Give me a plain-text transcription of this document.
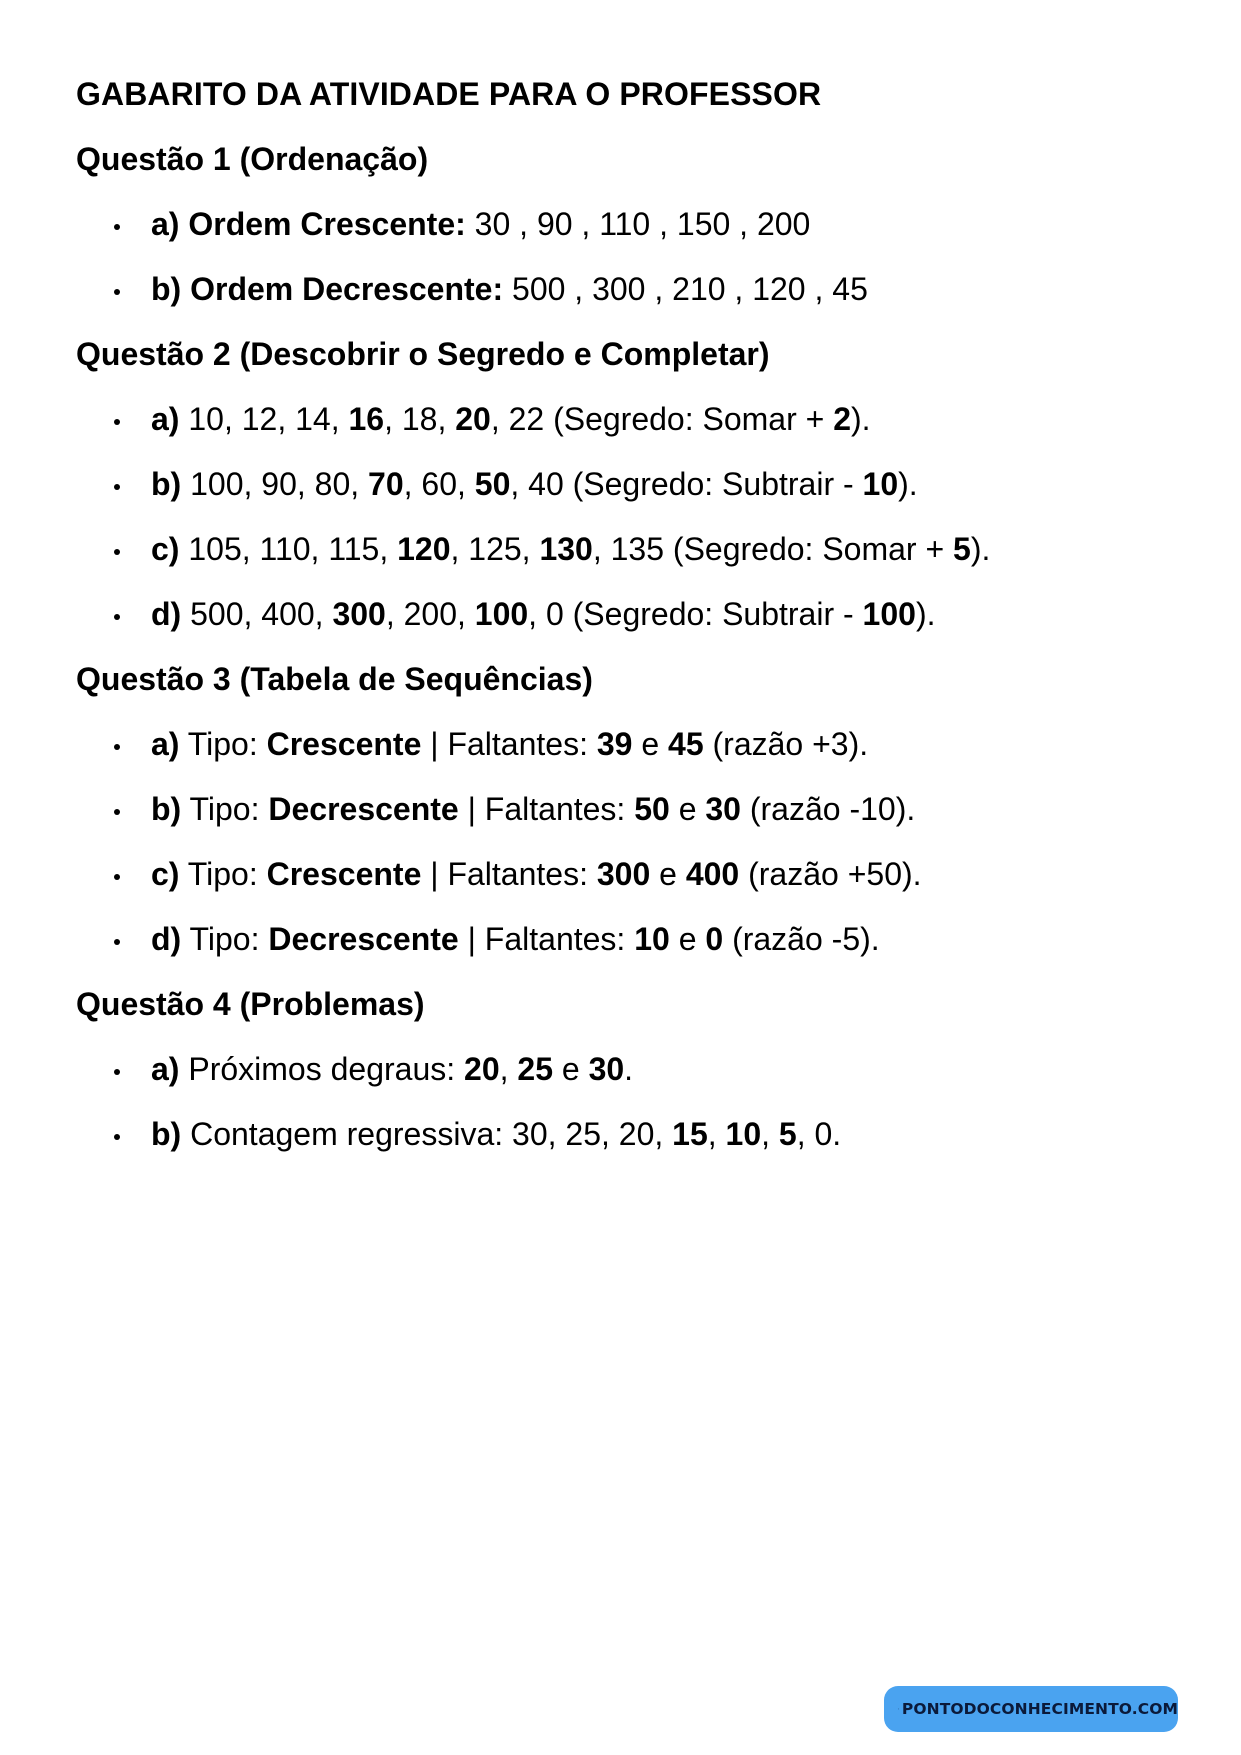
GABARITO DA ATIVIDADE PARA O PROFESSOR
Questão 1 (Ordenação)
a) Ordem Crescente: 30 , 90 , 110 , 150 , 200
b) Ordem Decrescente: 500 , 300 , 210 , 120 , 45
Questão 2 (Descobrir o Segredo e Completar)
a) 10, 12, 14, 16, 18, 20, 22 (Segredo: Somar + 2).
b) 100, 90, 80, 70, 60, 50, 40 (Segredo: Subtrair - 10).
c) 105, 110, 115, 120, 125, 130, 135 (Segredo: Somar + 5).
d) 500, 400, 300, 200, 100, 0 (Segredo: Subtrair - 100).
Questão 3 (Tabela de Sequências)
a) Tipo: Crescente | Faltantes: 39 e 45 (razão +3).
b) Tipo: Decrescente | Faltantes: 50 e 30 (razão -10).
c) Tipo: Crescente | Faltantes: 300 e 400 (razão +50).
d) Tipo: Decrescente | Faltantes: 10 e 0 (razão -5).
Questão 4 (Problemas)
a) Próximos degraus: 20, 25 e 30.
b) Contagem regressiva: 30, 25, 20, 15, 10, 5, 0.
PONTODOCONHECIMENTO.COM
